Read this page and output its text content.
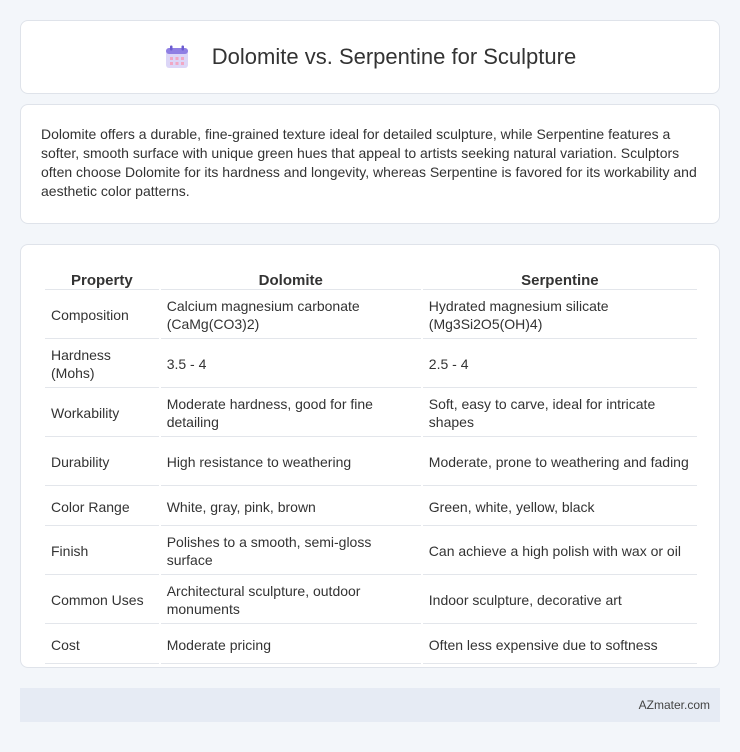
Dolomite vs. Serpentine for Sculpture

Dolomite offers a durable, fine-grained texture ideal for detailed sculpture, while Serpentine features a softer, smooth surface with unique green hues that appeal to artists seeking natural variation. Sculptors often choose Dolomite for its hardness and longevity, whereas Serpentine is favored for its workability and aesthetic color patterns.

Property	Dolomite	Serpentine
Composition	Calcium magnesium carbonate (CaMg(CO3)2)	Hydrated magnesium silicate (Mg3Si2O5(OH)4)
Hardness (Mohs)	3.5 - 4	2.5 - 4
Workability	Moderate hardness, good for fine detailing	Soft, easy to carve, ideal for intricate shapes
Durability	High resistance to weathering	Moderate, prone to weathering and fading
Color Range	White, gray, pink, brown	Green, white, yellow, black
Finish	Polishes to a smooth, semi-gloss surface	Can achieve a high polish with wax or oil
Common Uses	Architectural sculpture, outdoor monuments	Indoor sculpture, decorative art
Cost	Moderate pricing	Often less expensive due to softness
AZmater.com
